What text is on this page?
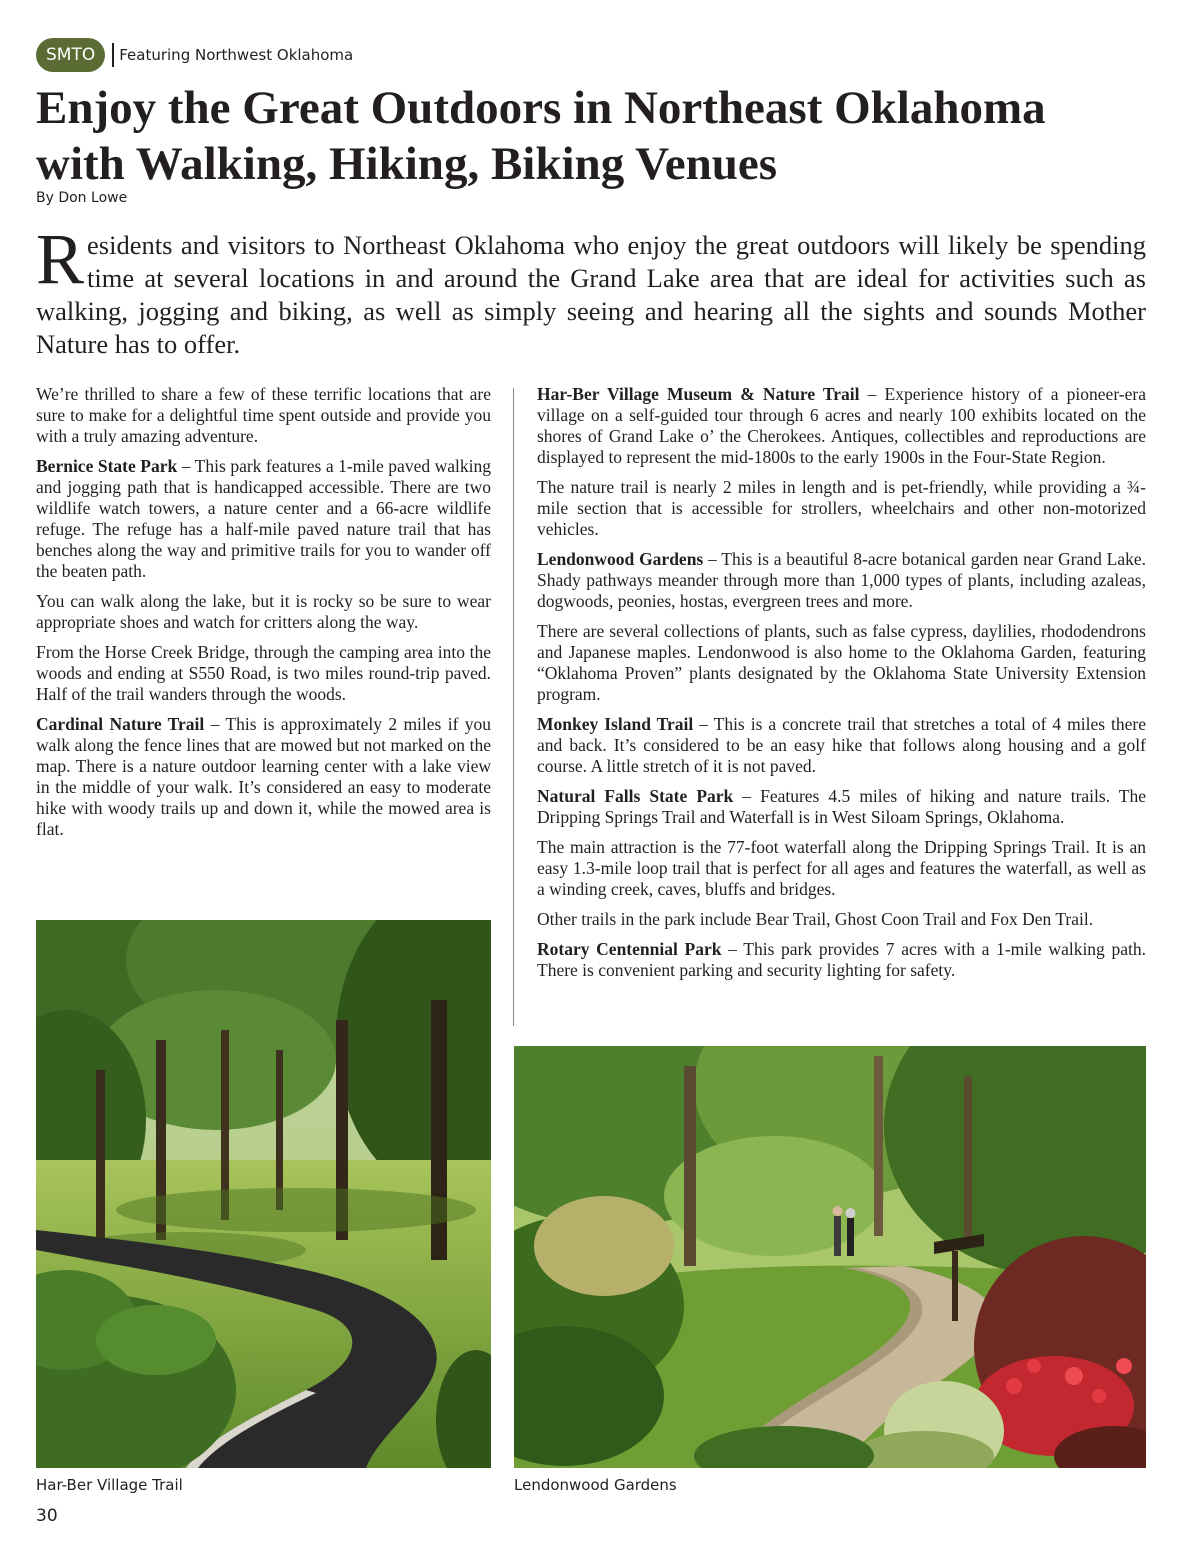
SMTO	Featuring Northwest Oklahoma
Enjoy the Great Outdoors in Northeast Oklahoma
with Walking, Hiking, Biking Venues
By Don Lowe

Residents and visitors to Northeast Oklahoma who enjoy the great outdoors will likely be spending time at several locations in and around the Grand Lake area that are ideal for activities such as walking, jogging and biking, as well as simply seeing and hearing all the sights and sounds Mother Nature has to offer.

We’re thrilled to share a few of these terrific locations that are sure to make for a delightful time spent outside and provide you with a truly amazing adventure.

Bernice State Park – This park features a 1-mile paved walking and jogging path that is handicapped accessible. There are two wildlife watch towers, a nature center and a 66-acre wildlife refuge. The refuge has a half-mile paved nature trail that has benches along the way and primitive trails for you to wander off the beaten path.

You can walk along the lake, but it is rocky so be sure to wear appropriate shoes and watch for critters along the way.

From the Horse Creek Bridge, through the camping area into the woods and ending at S550 Road, is two miles round-trip paved. Half of the trail wanders through the woods.

Cardinal Nature Trail – This is approximately 2 miles if you walk along the fence lines that are mowed but not marked on the map. There is a nature outdoor learning center with a lake view in the middle of your walk. It’s considered an easy to moderate hike with woody trails up and down it, while the mowed area is flat.

Har-Ber Village Museum & Nature Trail – Experience history of a pioneer-era village on a self-guided tour through 6 acres and nearly 100 exhibits located on the shores of Grand Lake o’ the Cherokees. Antiques, collectibles and reproductions are displayed to represent the mid-1800s to the early 1900s in the Four-State Region.

The nature trail is nearly 2 miles in length and is pet-friendly, while providing a ¾-mile section that is accessible for strollers, wheelchairs and other non-motorized vehicles.

Lendonwood Gardens – This is a beautiful 8-acre botanical garden near Grand Lake. Shady pathways meander through more than 1,000 types of plants, including azaleas, dogwoods, peonies, hostas, evergreen trees and more.

There are several collections of plants, such as false cypress, daylilies, rhododendrons and Japanese maples. Lendonwood is also home to the Oklahoma Garden, featuring “Oklahoma Proven” plants designated by the Oklahoma State University Extension program.

Monkey Island Trail – This is a concrete trail that stretches a total of 4 miles there and back. It’s considered to be an easy hike that follows along housing and a golf course. A little stretch of it is not paved.

Natural Falls State Park – Features 4.5 miles of hiking and nature trails. The Dripping Springs Trail and Waterfall is in West Siloam Springs, Oklahoma.

The main attraction is the 77-foot waterfall along the Dripping Springs Trail. It is an easy 1.3-mile loop trail that is perfect for all ages and features the waterfall, as well as a winding creek, caves, bluffs and bridges.

Other trails in the park include Bear Trail, Ghost Coon Trail and Fox Den Trail.

Rotary Centennial Park – This park provides 7 acres with a 1-mile walking path. There is convenient parking and security lighting for safety.

Har-Ber Village Trail	Lendonwood Gardens
30
